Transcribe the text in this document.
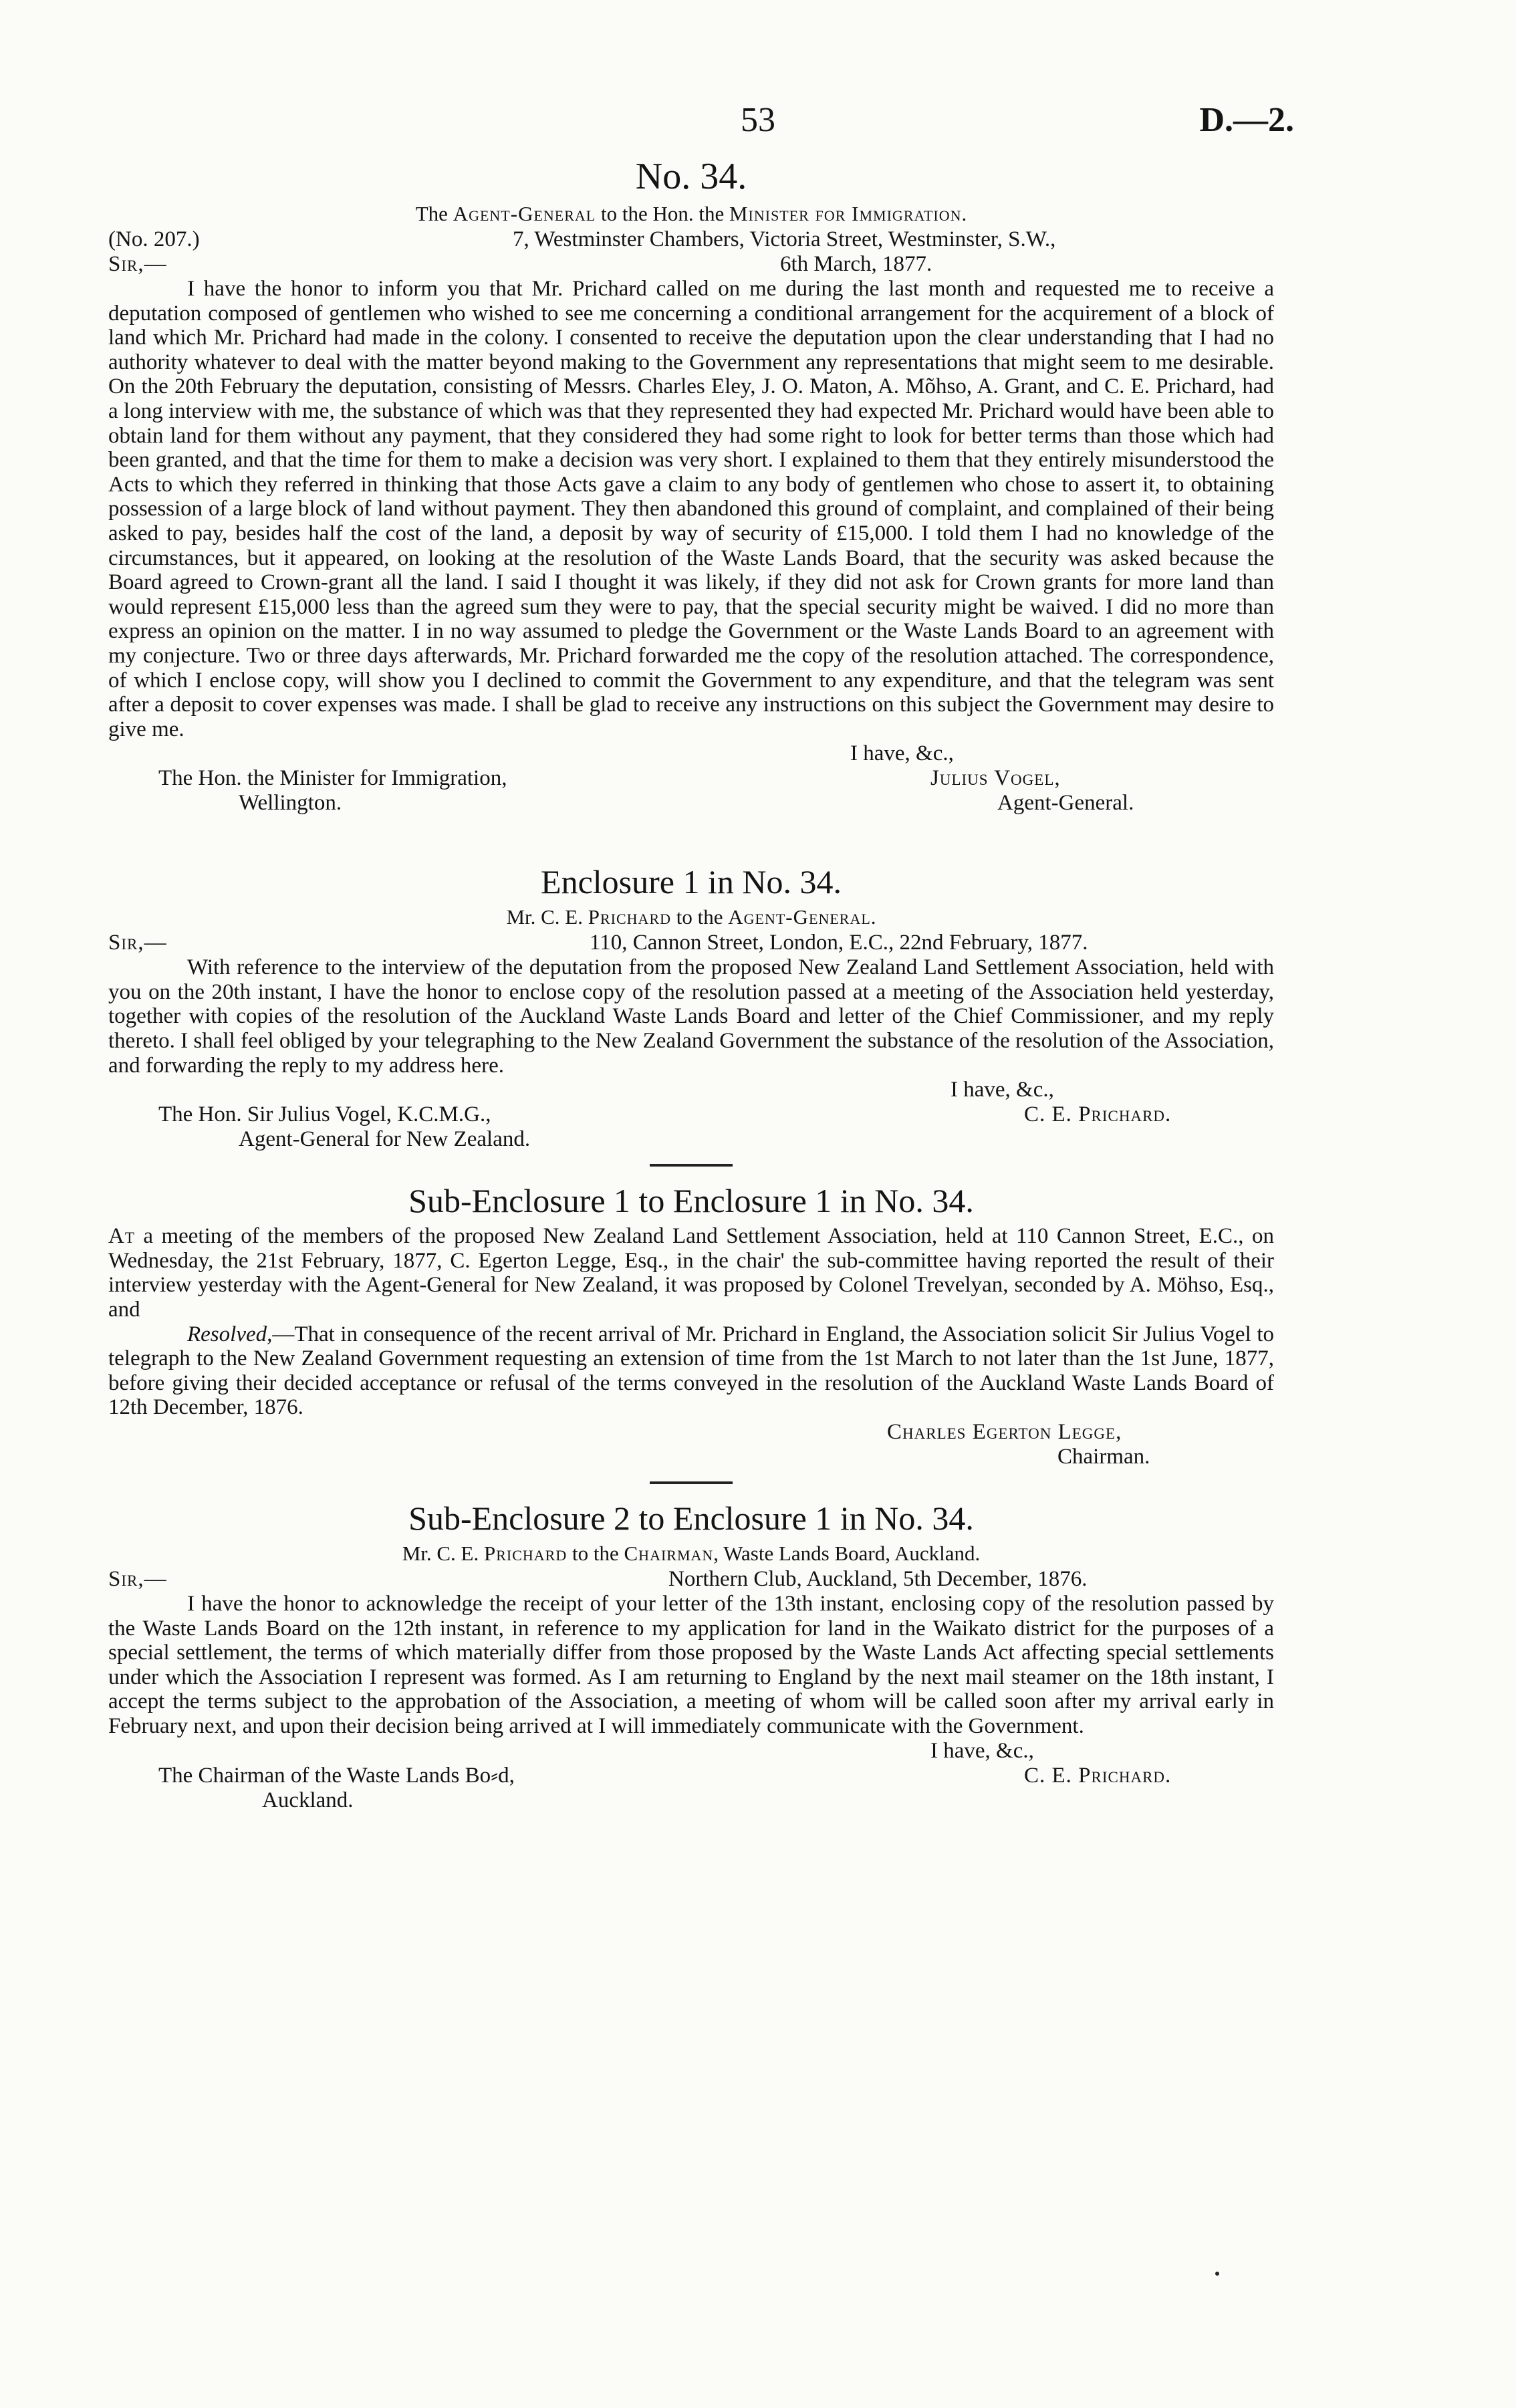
53	D.—2.
No. 34.
The Agent-General to the Hon. the Minister for Immigration.
(No. 207.)	7, Westminster Chambers, Victoria Street, Westminster, S.W.,
Sir,—	6th March, 1877.

I have the honor to inform you that Mr. Prichard called on me during the last month and requested me to receive a deputation composed of gentlemen who wished to see me concerning a conditional arrangement for the acquirement of a block of land which Mr. Prichard had made in the colony. I consented to receive the deputation upon the clear understanding that I had no authority whatever to deal with the matter beyond making to the Government any representations that might seem to me desirable. On the 20th February the deputation, consisting of Messrs. Charles Eley, J. O. Maton, A. Mõhso, A. Grant, and C. E. Prichard, had a long interview with me, the substance of which was that they represented they had expected Mr. Prichard would have been able to obtain land for them without any payment, that they considered they had some right to look for better terms than those which had been granted, and that the time for them to make a decision was very short. I explained to them that they entirely misunderstood the Acts to which they referred in thinking that those Acts gave a claim to any body of gentlemen who chose to assert it, to obtaining possession of a large block of land without payment. They then abandoned this ground of complaint, and complained of their being asked to pay, besides half the cost of the land, a deposit by way of security of £15,000. I told them I had no knowledge of the circumstances, but it appeared, on looking at the resolution of the Waste Lands Board, that the security was asked because the Board agreed to Crown-grant all the land. I said I thought it was likely, if they did not ask for Crown grants for more land than would represent £15,000 less than the agreed sum they were to pay, that the special security might be waived. I did no more than express an opinion on the matter. I in no way assumed to pledge the Government or the Waste Lands Board to an agreement with my conjecture. Two or three days afterwards, Mr. Prichard forwarded me the copy of the resolution attached. The correspondence, of which I enclose copy, will show you I declined to commit the Government to any expenditure, and that the telegram was sent after a deposit to cover expenses was made. I shall be glad to receive any instructions on this subject the Government may desire to give me.

I have, &c.,
The Hon. the Minister for Immigration,	Julius Vogel,
Wellington.	Agent-General.
Enclosure 1 in No. 34.
Mr. C. E. Prichard to the Agent-General.
Sir,—	110, Cannon Street, London, E.C., 22nd February, 1877.

With reference to the interview of the deputation from the proposed New Zealand Land Settlement Association, held with you on the 20th instant, I have the honor to enclose copy of the resolution passed at a meeting of the Association held yesterday, together with copies of the resolution of the Auckland Waste Lands Board and letter of the Chief Commissioner, and my reply thereto. I shall feel obliged by your telegraphing to the New Zealand Government the substance of the resolution of the Association, and forwarding the reply to my address here.

I have, &c.,
The Hon. Sir Julius Vogel, K.C.M.G.,	C. E. Prichard.
Agent-General for New Zealand.
Sub-Enclosure 1 to Enclosure 1 in No. 34.

At a meeting of the members of the proposed New Zealand Land Settlement Association, held at 110 Cannon Street, E.C., on Wednesday, the 21st February, 1877, C. Egerton Legge, Esq., in the chair' the sub-committee having reported the result of their interview yesterday with the Agent-General for New Zealand, it was proposed by Colonel Trevelyan, seconded by A. Möhso, Esq., and

Resolved,—That in consequence of the recent arrival of Mr. Prichard in England, the Association solicit Sir Julius Vogel to telegraph to the New Zealand Government requesting an extension of time from the 1st March to not later than the 1st June, 1877, before giving their decided acceptance or refusal of the terms conveyed in the resolution of the Auckland Waste Lands Board of 12th December, 1876.

Charles Egerton Legge,
Chairman.
Sub-Enclosure 2 to Enclosure 1 in No. 34.
Mr. C. E. Prichard to the Chairman, Waste Lands Board, Auckland.
Sir,—	Northern Club, Auckland, 5th December, 1876.

I have the honor to acknowledge the receipt of your letter of the 13th instant, enclosing copy of the resolution passed by the Waste Lands Board on the 12th instant, in reference to my application for land in the Waikato district for the purposes of a special settlement, the terms of which materially differ from those proposed by the Waste Lands Act affecting special settlements under which the Association I represent was formed. As I am returning to England by the next mail steamer on the 18th instant, I accept the terms subject to the approbation of the Association, a meeting of whom will be called soon after my arrival early in February next, and upon their decision being arrived at I will immediately communicate with the Government.

I have, &c.,
The Chairman of the Waste Lands Bo⸗d,	C. E. Prichard.
Auckland.
